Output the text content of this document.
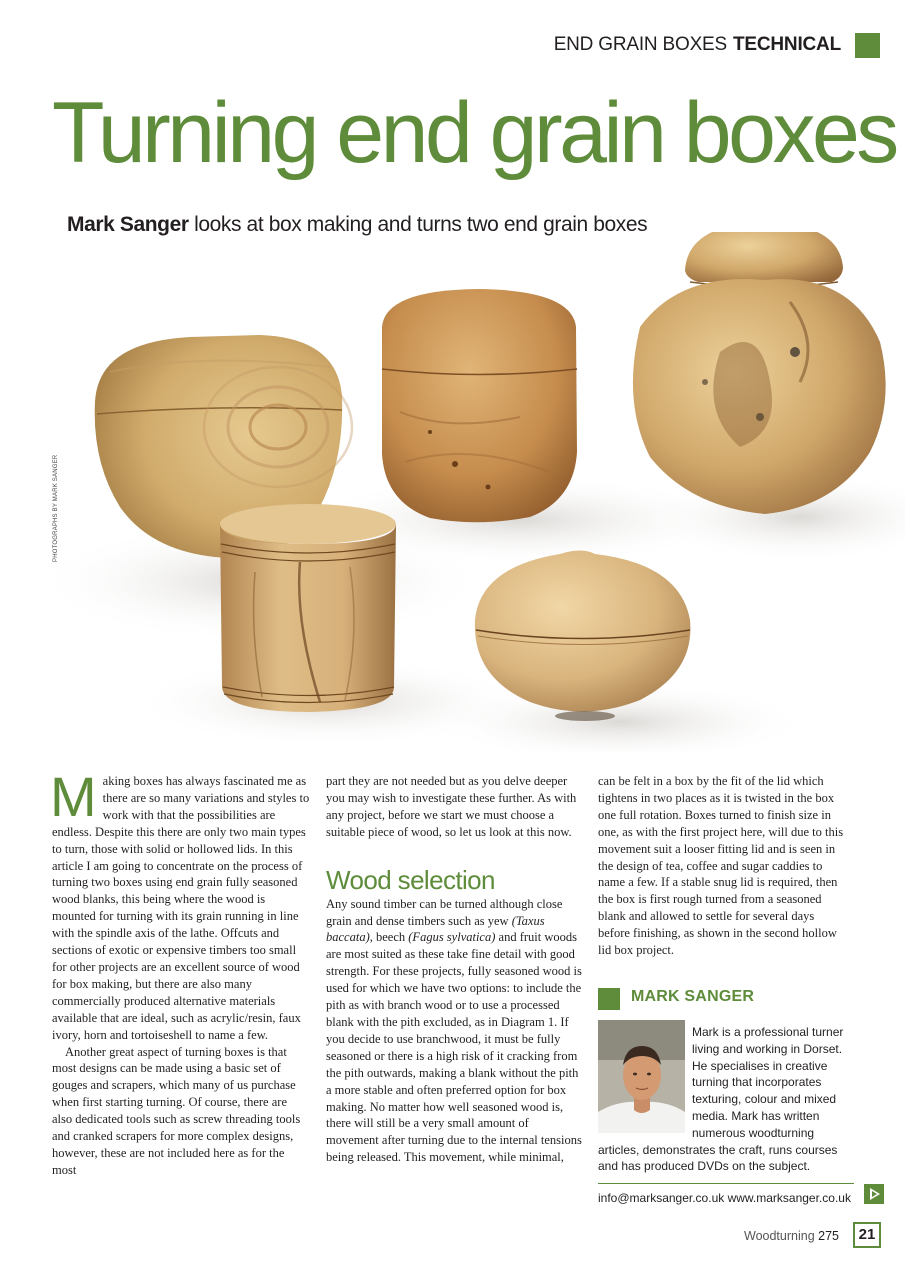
END GRAIN BOXES TECHNICAL
Turning end grain boxes
Mark Sanger looks at box making and turns two end grain boxes
PHOTOGRAPHS BY MARK SANGER

Making boxes has always fascinated me as there are so many variations and styles to work with that the possibilities are endless. Despite this there are only two main types to turn, those with solid or hollowed lids. In this article I am going to concentrate on the process of turning two boxes using end grain fully seasoned wood blanks, this being where the wood is mounted for turning with its grain running in line with the spindle axis of the lathe. Offcuts and sections of exotic or expensive timbers too small for other projects are an excellent source of wood for box making, but there are also many commercially produced alternative materials available that are ideal, such as acrylic/resin, faux ivory, horn and tortoiseshell to name a few.

Another great aspect of turning boxes is that most designs can be made using a basic set of gouges and scrapers, which many of us purchase when first starting turning. Of course, there are also dedicated tools such as screw threading tools and cranked scrapers for more complex designs, however, these are not included here as for the most

part they are not needed but as you delve deeper you may wish to investigate these further. As with any project, before we start we must choose a suitable piece of wood, so let us look at this now.

Wood selection

Any sound timber can be turned although close grain and dense timbers such as yew (Taxus baccata), beech (Fagus sylvatica) and fruit woods are most suited as these take fine detail with good strength. For these projects, fully seasoned wood is used for which we have two options: to include the pith as with branch wood or to use a processed blank with the pith excluded, as in Diagram 1. If you decide to use branchwood, it must be fully seasoned or there is a high risk of it cracking from the pith outwards, making a blank without the pith a more stable and often preferred option for box making. No matter how well seasoned wood is, there will still be a very small amount of movement after turning due to the internal tensions being released. This movement, while minimal,

can be felt in a box by the fit of the lid which tightens in two places as it is twisted in the box one full rotation. Boxes turned to finish size in one, as with the first project here, will due to this movement suit a looser fitting lid and is seen in the design of tea, coffee and sugar caddies to name a few. If a stable snug lid is required, then the box is first rough turned from a seasoned blank and allowed to settle for several days before finishing, as shown in the second hollow lid box project.

MARK SANGER
Mark is a professional turner living and working in Dorset. He specialises in creative turning that incorporates texturing, colour and mixed media. Mark has written numerous woodturning articles, demonstrates the craft, runs courses and has produced DVDs on the subject.
info@marksanger.co.uk www.marksanger.co.uk
Woodturning 275	21
